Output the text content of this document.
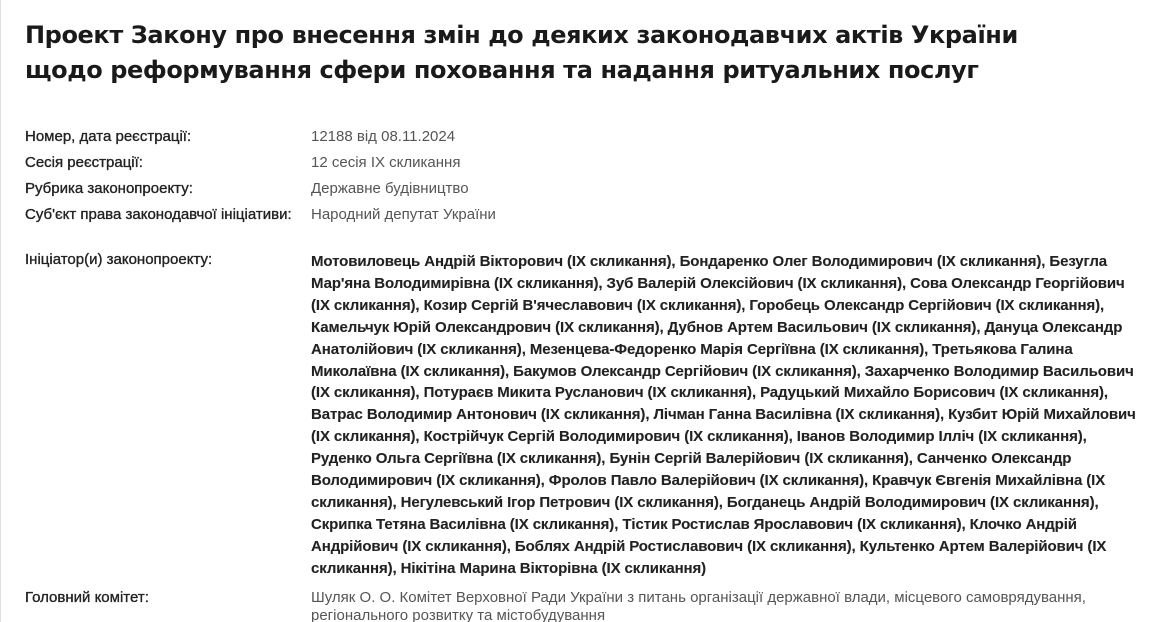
Проект Закону про внесення змін до деяких законодавчих актів України щодо реформування сфери поховання та надання ритуальних послуг
Номер, дата реєстрації:	12188 від 08.11.2024
Сесія реєстрації:	12 сесія IX скликання
Рубрика законопроекту:	Державне будівництво
Суб'єкт права законодавчої ініціативи: Народний депутат України
Ініціатор(и) законопроекту:	Мотовиловець Андрій Вікторович (IX скликання), Бондаренко Олег Володимирович (IX скликання), Безугла Мар'яна Володимирівна (IX скликання), Зуб Валерій Олексійович (IX скликання), Сова Олександр Георгійович (IX скликання), Козир Сергій В'ячеславович (IX скликання), Горобець Олександр Сергійович (IX скликання), Камельчук Юрій Олександрович (IX скликання), Дубнов Артем Васильович (IX скликання), Дануца Олександр Анатолійович (IX скликання), Мезенцева-Федоренко Марія Сергіївна (IX скликання), Третьякова Галина Миколаївна (IX скликання), Бакумов Олександр Сергійович (IX скликання), Захарченко Володимир Васильович (IX скликання), Потураєв Микита Русланович (IX скликання), Радуцький Михайло Борисович (IX скликання), Ватрас Володимир Антонович (IX скликання), Лічман Ганна Василівна (IX скликання), Кузбит Юрій Михайлович (IX скликання), Кострійчук Сергій Володимирович (IX скликання), Іванов Володимир Ілліч (IX скликання), Руденко Ольга Сергіївна (IX скликання), Бунін Сергій Валерійович (IX скликання), Санченко Олександр Володимирович (IX скликання), Фролов Павло Валерійович (IX скликання), Кравчук Євгенія Михайлівна (IX скликання), Негулевський Ігор Петрович (IX скликання), Богданець Андрій Володимирович (IX скликання), Скрипка Тетяна Василівна (IX скликання), Тістик Ростислав Ярославович (IX скликання), Клочко Андрій Андрійович (IX скликання), Боблях Андрій Ростиславович (IX скликання), Культенко Артем Валерійович (IX скликання), Нікітіна Марина Вікторівна (IX скликання)
Головний комітет:	Шуляк О. О. Комітет Верховної Ради України з питань організації державної влади, місцевого самоврядування, регіонального розвитку та містобудування
